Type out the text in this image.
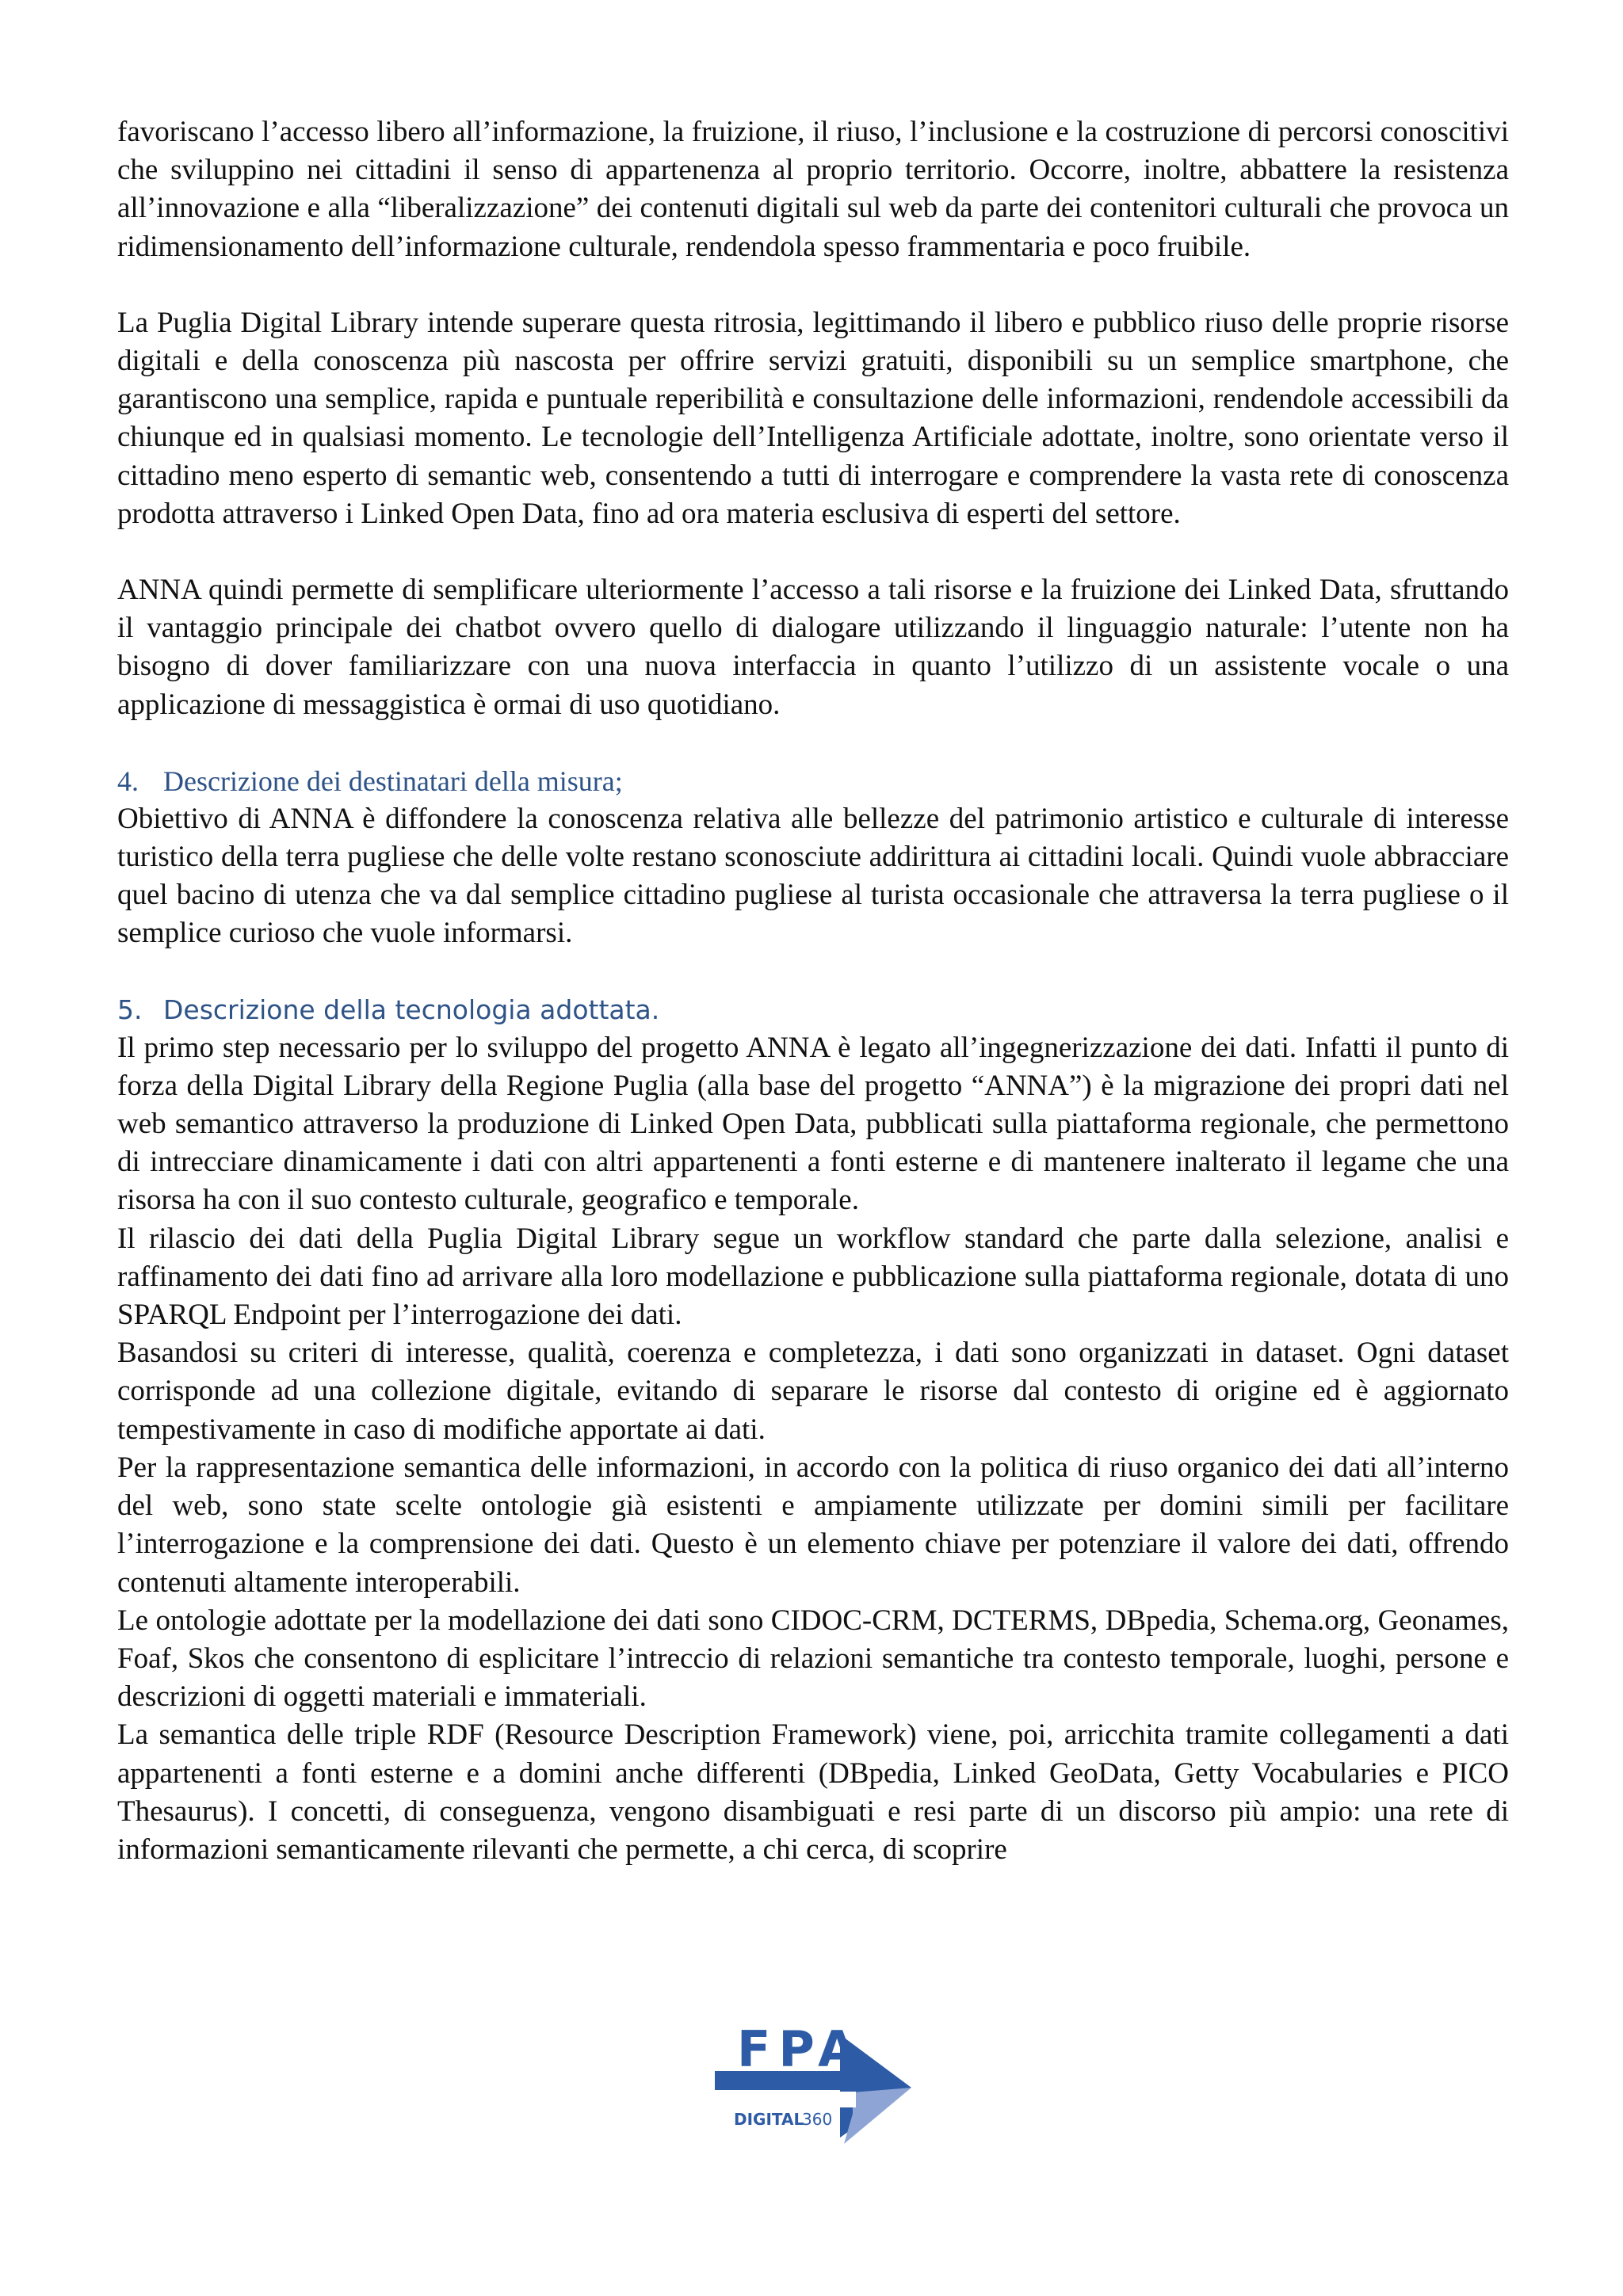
favoriscano l’accesso libero all’informazione, la fruizione, il riuso, l’inclusione e la costruzione di percorsi conoscitivi che sviluppino nei cittadini il senso di appartenenza al proprio territorio. Occorre, inoltre, abbattere la resistenza all’innovazione e alla “liberalizzazione” dei contenuti digitali sul web da parte dei contenitori culturali che provoca un ridimensionamento dell’informazione culturale, rendendola spesso frammentaria e poco fruibile.

La Puglia Digital Library intende superare questa ritrosia, legittimando il libero e pubblico riuso delle proprie risorse digitali e della conoscenza più nascosta per offrire servizi gratuiti, disponibili su un semplice smartphone, che garantiscono una semplice, rapida e puntuale reperibilità e consultazione delle informazioni, rendendole accessibili da chiunque ed in qualsiasi momento. Le tecnologie dell’Intelligenza Artificiale adottate, inoltre, sono orientate verso il cittadino meno esperto di semantic web, consentendo a tutti di interrogare e comprendere la vasta rete di conoscenza prodotta attraverso i Linked Open Data, fino ad ora materia esclusiva di esperti del settore.

ANNA quindi permette di semplificare ulteriormente l’accesso a tali risorse e la fruizione dei Linked Data, sfruttando il vantaggio principale dei chatbot ovvero quello di dialogare utilizzando il linguaggio naturale: l’utente non ha bisogno di dover familiarizzare con una nuova interfaccia in quanto l’utilizzo di un assistente vocale o una applicazione di messaggistica è ormai di uso quotidiano.

4. Descrizione dei destinatari della misura;

Obiettivo di ANNA è diffondere la conoscenza relativa alle bellezze del patrimonio artistico e culturale di interesse turistico della terra pugliese che delle volte restano sconosciute addirittura ai cittadini locali. Quindi vuole abbracciare quel bacino di utenza che va dal semplice cittadino pugliese al turista occasionale che attraversa la terra pugliese o il semplice curioso che vuole informarsi.

5. Descrizione della tecnologia adottata.

Il primo step necessario per lo sviluppo del progetto ANNA è legato all’ingegnerizzazione dei dati. Infatti il punto di forza della Digital Library della Regione Puglia (alla base del progetto “ANNA”) è la migrazione dei propri dati nel web semantico attraverso la produzione di Linked Open Data, pubblicati sulla piattaforma regionale, che permettono di intrecciare dinamicamente i dati con altri appartenenti a fonti esterne e di mantenere inalterato il legame che una risorsa ha con il suo contesto culturale, geografico e temporale.

Il rilascio dei dati della Puglia Digital Library segue un workflow standard che parte dalla selezione, analisi e raffinamento dei dati fino ad arrivare alla loro modellazione e pubblicazione sulla piattaforma regionale, dotata di uno SPARQL Endpoint per l’interrogazione dei dati.

Basandosi su criteri di interesse, qualità, coerenza e completezza, i dati sono organizzati in dataset. Ogni dataset corrisponde ad una collezione digitale, evitando di separare le risorse dal contesto di origine ed è aggiornato tempestivamente in caso di modifiche apportate ai dati.

Per la rappresentazione semantica delle informazioni, in accordo con la politica di riuso organico dei dati all’interno del web, sono state scelte ontologie già esistenti e ampiamente utilizzate per domini simili per facilitare l’interrogazione e la comprensione dei dati. Questo è un elemento chiave per potenziare il valore dei dati, offrendo contenuti altamente interoperabili.

Le ontologie adottate per la modellazione dei dati sono CIDOC-CRM, DCTERMS, DBpedia, Schema.org, Geonames, Foaf, Skos che consentono di esplicitare l’intreccio di relazioni semantiche tra contesto temporale, luoghi, persone e descrizioni di oggetti materiali e immateriali.

La semantica delle triple RDF (Resource Description Framework) viene, poi, arricchita tramite collegamenti a dati appartenenti a fonti esterne e a domini anche differenti (DBpedia, Linked GeoData, Getty Vocabularies e PICO Thesaurus). I concetti, di conseguenza, vengono disambiguati e resi parte di un discorso più ampio: una rete di informazioni semanticamente rilevanti che permette, a chi cerca, di scoprire

FPA
DIGITAL
360
